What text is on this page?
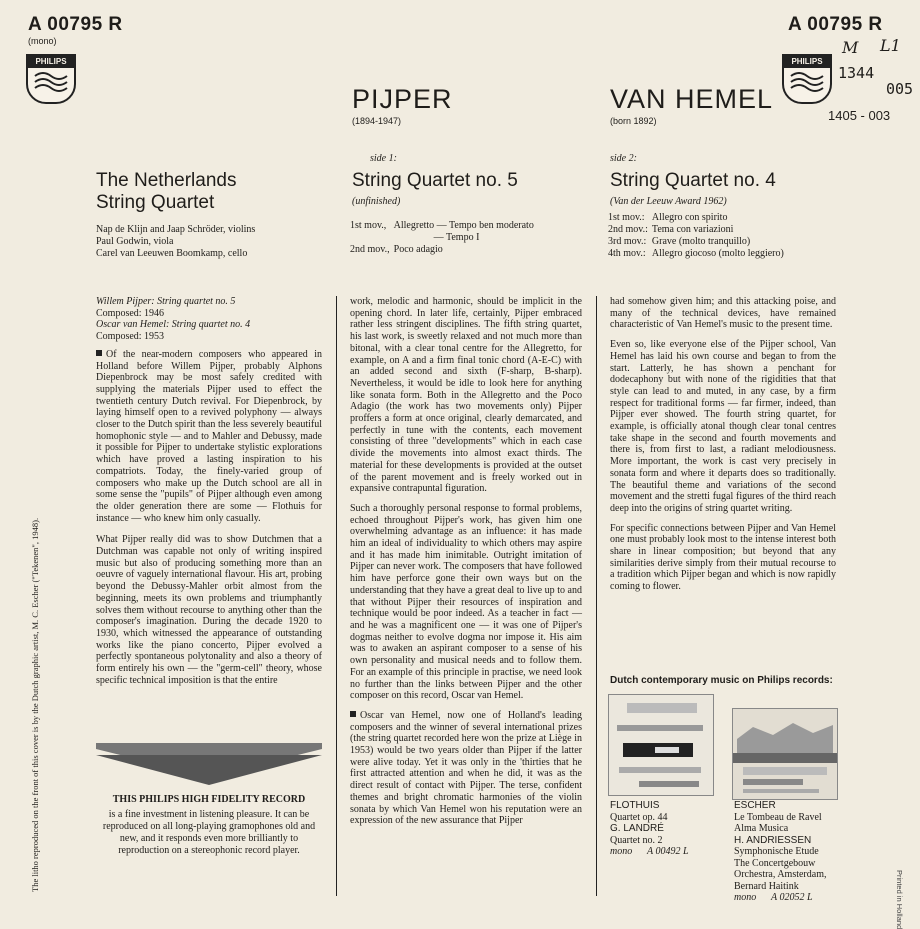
A 00795 R
(mono)
A 00795 R
PHILIPS	PHILIPS
M L1
1344
005
1405 - 003
PIJPER
(1894-1947)
VAN HEMEL
(born 1892)
The Netherlands
String Quartet
Nap de Klijn and Jaap Schröder, violins
Paul Godwin, viola
Carel van Leeuwen Boomkamp, cello
side 1:
String Quartet no. 5
(unfinished)
1st mov.,	Allegretto — Tempo ben moderato
	— Tempo I
2nd mov.,	Poco adagio
side 2:
String Quartet no. 4
(Van der Leeuw Award 1962)
1st mov.:	Allegro con spirito
2nd mov.:	Tema con variazioni
3rd mov.:	Grave (molto tranquillo)
4th mov.:	Allegro giocoso (molto leggiero)
The litho reproduced on the front of this cover is by the Dutch graphic artist, M. C. Escher ("Tekenen", 1948).
Willem Pijper: String quartet no. 5
Composed: 1946
Oscar van Hemel: String quartet no. 4
Composed: 1953

Of the near-modern composers who appeared in Holland before Willem Pijper, probably Alphons Diepenbrock may be most safely credited with supplying the materials Pijper used to effect the twentieth century Dutch revival. For Diepenbrock, by laying himself open to a revived polyphony — always closer to the Dutch spirit than the less severely beautiful homophonic style — and to Mahler and Debussy, made it possible for Pijper to undertake stylistic explorations which have proved a lasting inspiration to his compatriots. Today, the finely-varied group of composers who make up the Dutch school are all in some sense the "pupils" of Pijper although even among the older generation there are some — Flothuis for instance — who knew him only casually.

What Pijper really did was to show Dutchmen that a Dutchman was capable not only of writing inspired music but also of producing something more than an oeuvre of vaguely international flavour. His art, probing beyond the Debussy-Mahler orbit almost from the beginning, meets its own problems and triumphantly solves them without recourse to anything other than the composer's imagination. During the decade 1920 to 1930, which witnessed the appearance of outstanding works like the piano concerto, Pijper evolved a perfectly spontaneous polytonality and also a theory of form entirely his own — the "germ-cell" theory, whose specific technical imposition is that the entire

THIS PHILIPS HIGH FIDELITY RECORD
is a fine investment in listening pleasure. It can be reproduced on all long-playing gramophones old and new, and it responds even more brilliantly to reproduction on a stereophonic record player.

work, melodic and harmonic, should be implicit in the opening chord. In later life, certainly, Pijper embraced rather less stringent disciplines. The fifth string quartet, his last work, is sweetly relaxed and not much more than bitonal, with a clear tonal centre for the Allegretto, for example, on A and a firm final tonic chord (A-E-C) with an added second and sixth (F-sharp, B-sharp). Nevertheless, it would be idle to look here for anything like sonata form. Both in the Allegretto and the Poco Adagio (the work has two movements only) Pijper proffers a form at once original, clearly demarcated, and perfectly in tune with the contents, each movement consisting of three "developments" which in each case divide the movements into almost exact thirds. The material for these developments is provided at the outset of the parent movement and is freely worked out in expansive contrapuntal figuration.

Such a thoroughly personal response to formal problems, echoed throughout Pijper's work, has given him one overwhelming advantage as an influence: it has made him an ideal of individuality to which others may aspire and it has made him inimitable. Outright imitation of Pijper can never work. The composers that have followed him have perforce gone their own ways but on the understanding that they have a great deal to live up to and that without Pijper their resources of inspiration and technique would be poor indeed. As a teacher in fact — and he was a magnificent one — it was one of Pijper's dogmas neither to evolve dogma nor impose it. His aim was to awaken an aspirant composer to a sense of his own personality and musical needs and to follow them. For an example of this principle in practise, we need look no further than the links between Pijper and the other composer on this record, Oscar van Hemel.

Oscar van Hemel, now one of Holland's leading composers and the winner of several international prizes (the string quartet recorded here won the prize at Liège in 1953) would be two years older than Pijper if the latter were alive today. Yet it was only in the 'thirties that he first attracted attention and when he did, it was as the direct result of contact with Pijper. The terse, confident themes and bright chromatic harmonies of the violin sonata by which Van Hemel won his reputation were an expression of the new assurance that Pijper

had somehow given him; and this attacking poise, and many of the technical devices, have remained characteristic of Van Hemel's music to the present time.

Even so, like everyone else of the Pijper school, Van Hemel has laid his own course and began to from the start. Latterly, he has shown a penchant for dodecaphony but with none of the rigidities that that style can lead to and muted, in any case, by a firm respect for traditional forms — far firmer, indeed, than Pijper ever showed. The fourth string quartet, for example, is officially atonal though clear tonal centres take shape in the second and fourth movements and there is, from first to last, a radiant melodiousness. More important, the work is cast very precisely in sonata form and where it departs does so traditionally. The beautiful theme and variations of the second movement and the stretti fugal figures of the third reach deep into the origins of string quartet writing.

For specific connections between Pijper and Van Hemel one must probably look most to the intense interest both share in linear composition; but beyond that any similarities derive simply from their mutual recourse to a tradition which Pijper began and which is now rapidly coming to flower.

Dutch contemporary music on Philips records:
FLOTHUIS
Quartet op. 44
G. LANDRÉ
Quartet no. 2
mono      A 00492 L
ESCHER
Le Tombeau de Ravel
Alma Musica
H. ANDRIESSEN
Symphonische Etude
The Concertgebouw
Orchestra, Amsterdam,
Bernard Haitink
mono      A 02052 L	Printed in Holland
